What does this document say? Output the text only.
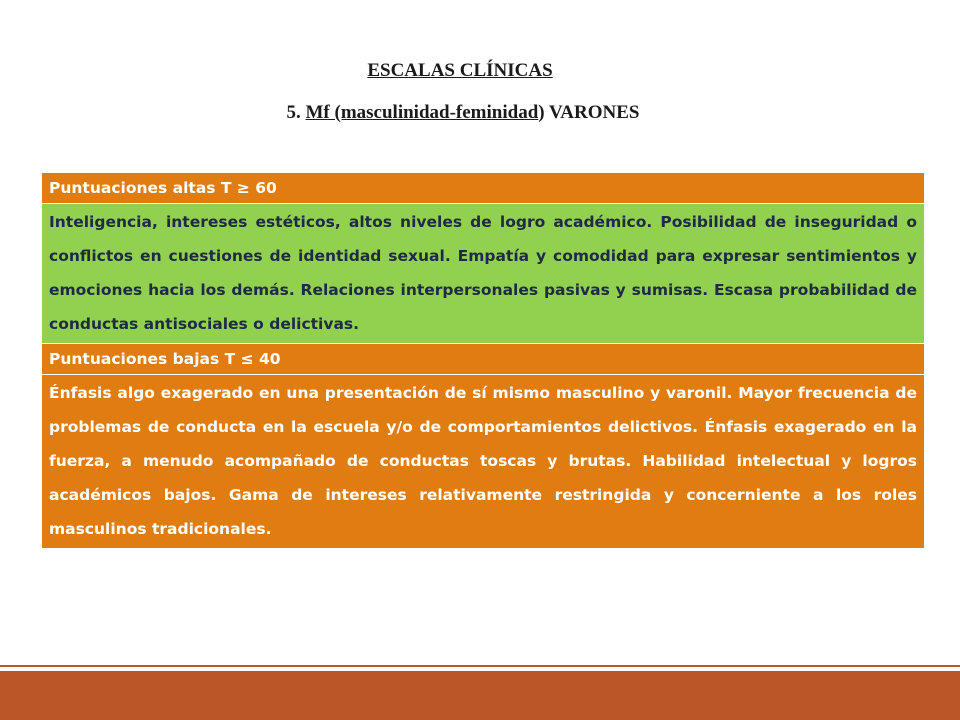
ESCALAS CLÍNICAS
5. Mf (masculinidad-feminidad) VARONES
Puntuaciones altas T ≥ 60
Inteligencia, intereses estéticos, altos niveles de logro académico. Posibilidad de inseguridad o conflictos en cuestiones de identidad sexual. Empatía y comodidad para expresar sentimientos y emociones hacia los demás. Relaciones interpersonales pasivas y sumisas. Escasa probabilidad de conductas antisociales o delictivas.
Puntuaciones bajas T ≤ 40
Énfasis algo exagerado en una presentación de sí mismo masculino y varonil. Mayor frecuencia de problemas de conducta en la escuela y/o de comportamientos delictivos. Énfasis exagerado en la fuerza, a menudo acompañado de conductas toscas y brutas. Habilidad intelectual y logros académicos bajos. Gama de intereses relativamente restringida y concerniente a los roles masculinos tradicionales.
